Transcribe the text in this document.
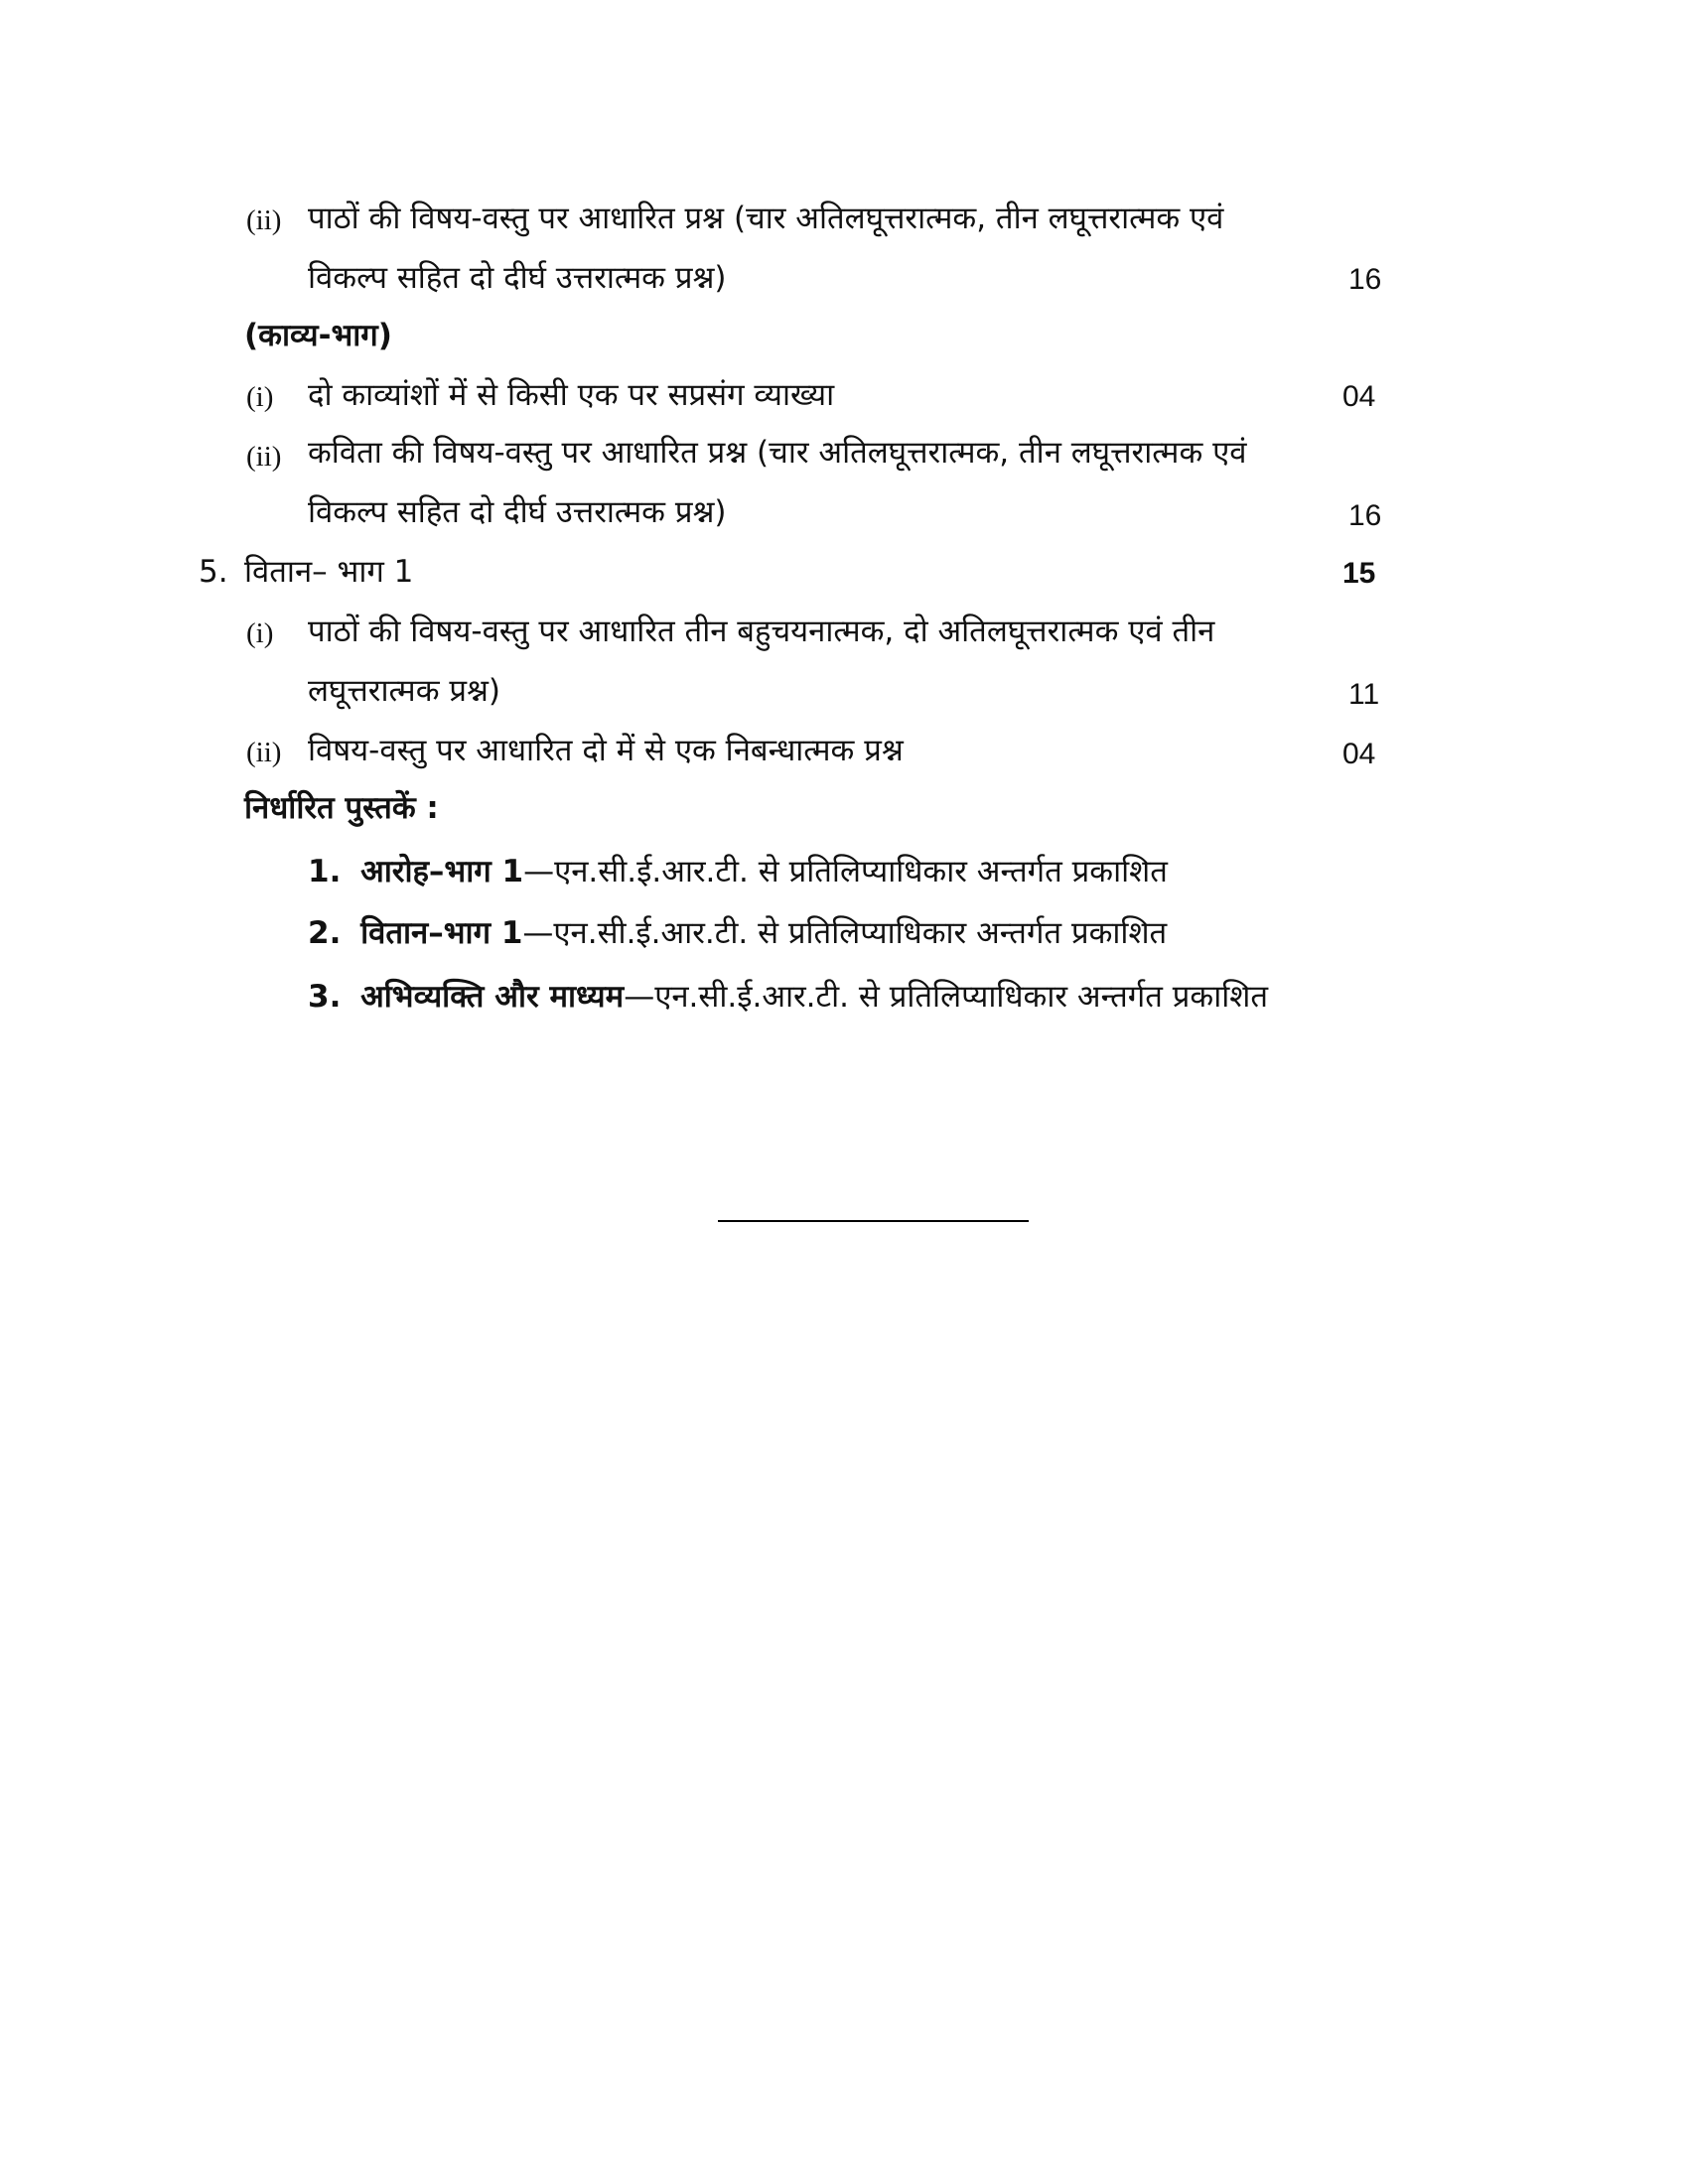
(ii) पाठों की विषय-वस्तु पर आधारित प्रश्न (चार अतिलघूत्तरात्मक, तीन लघूत्तरात्मक एवं
विकल्प सहित दो दीर्घ उत्तरात्मक प्रश्न)	16
(काव्य-भाग)
(i) दो काव्यांशों में से किसी एक पर सप्रसंग व्याख्या	04
(ii) कविता की विषय-वस्तु पर आधारित प्रश्न (चार अतिलघूत्तरात्मक, तीन लघूत्तरात्मक एवं
विकल्प सहित दो दीर्घ उत्तरात्मक प्रश्न)	16
5. वितान– भाग 1	15
(i) पाठों की विषय-वस्तु पर आधारित तीन बहुचयनात्मक, दो अतिलघूत्तरात्मक एवं तीन
लघूत्तरात्मक प्रश्न)	11
(ii) विषय-वस्तु पर आधारित दो में से एक निबन्धात्मक प्रश्न	04
निर्धारित पुस्तकें :
1. आरोह–भाग 1—एन.सी.ई.आर.टी. से प्रतिलिप्याधिकार अन्तर्गत प्रकाशित
2. वितान–भाग 1—एन.सी.ई.आर.टी. से प्रतिलिप्याधिकार अन्तर्गत प्रकाशित
3. अभिव्यक्ति और माध्यम—एन.सी.ई.आर.टी. से प्रतिलिप्याधिकार अन्तर्गत प्रकाशित
